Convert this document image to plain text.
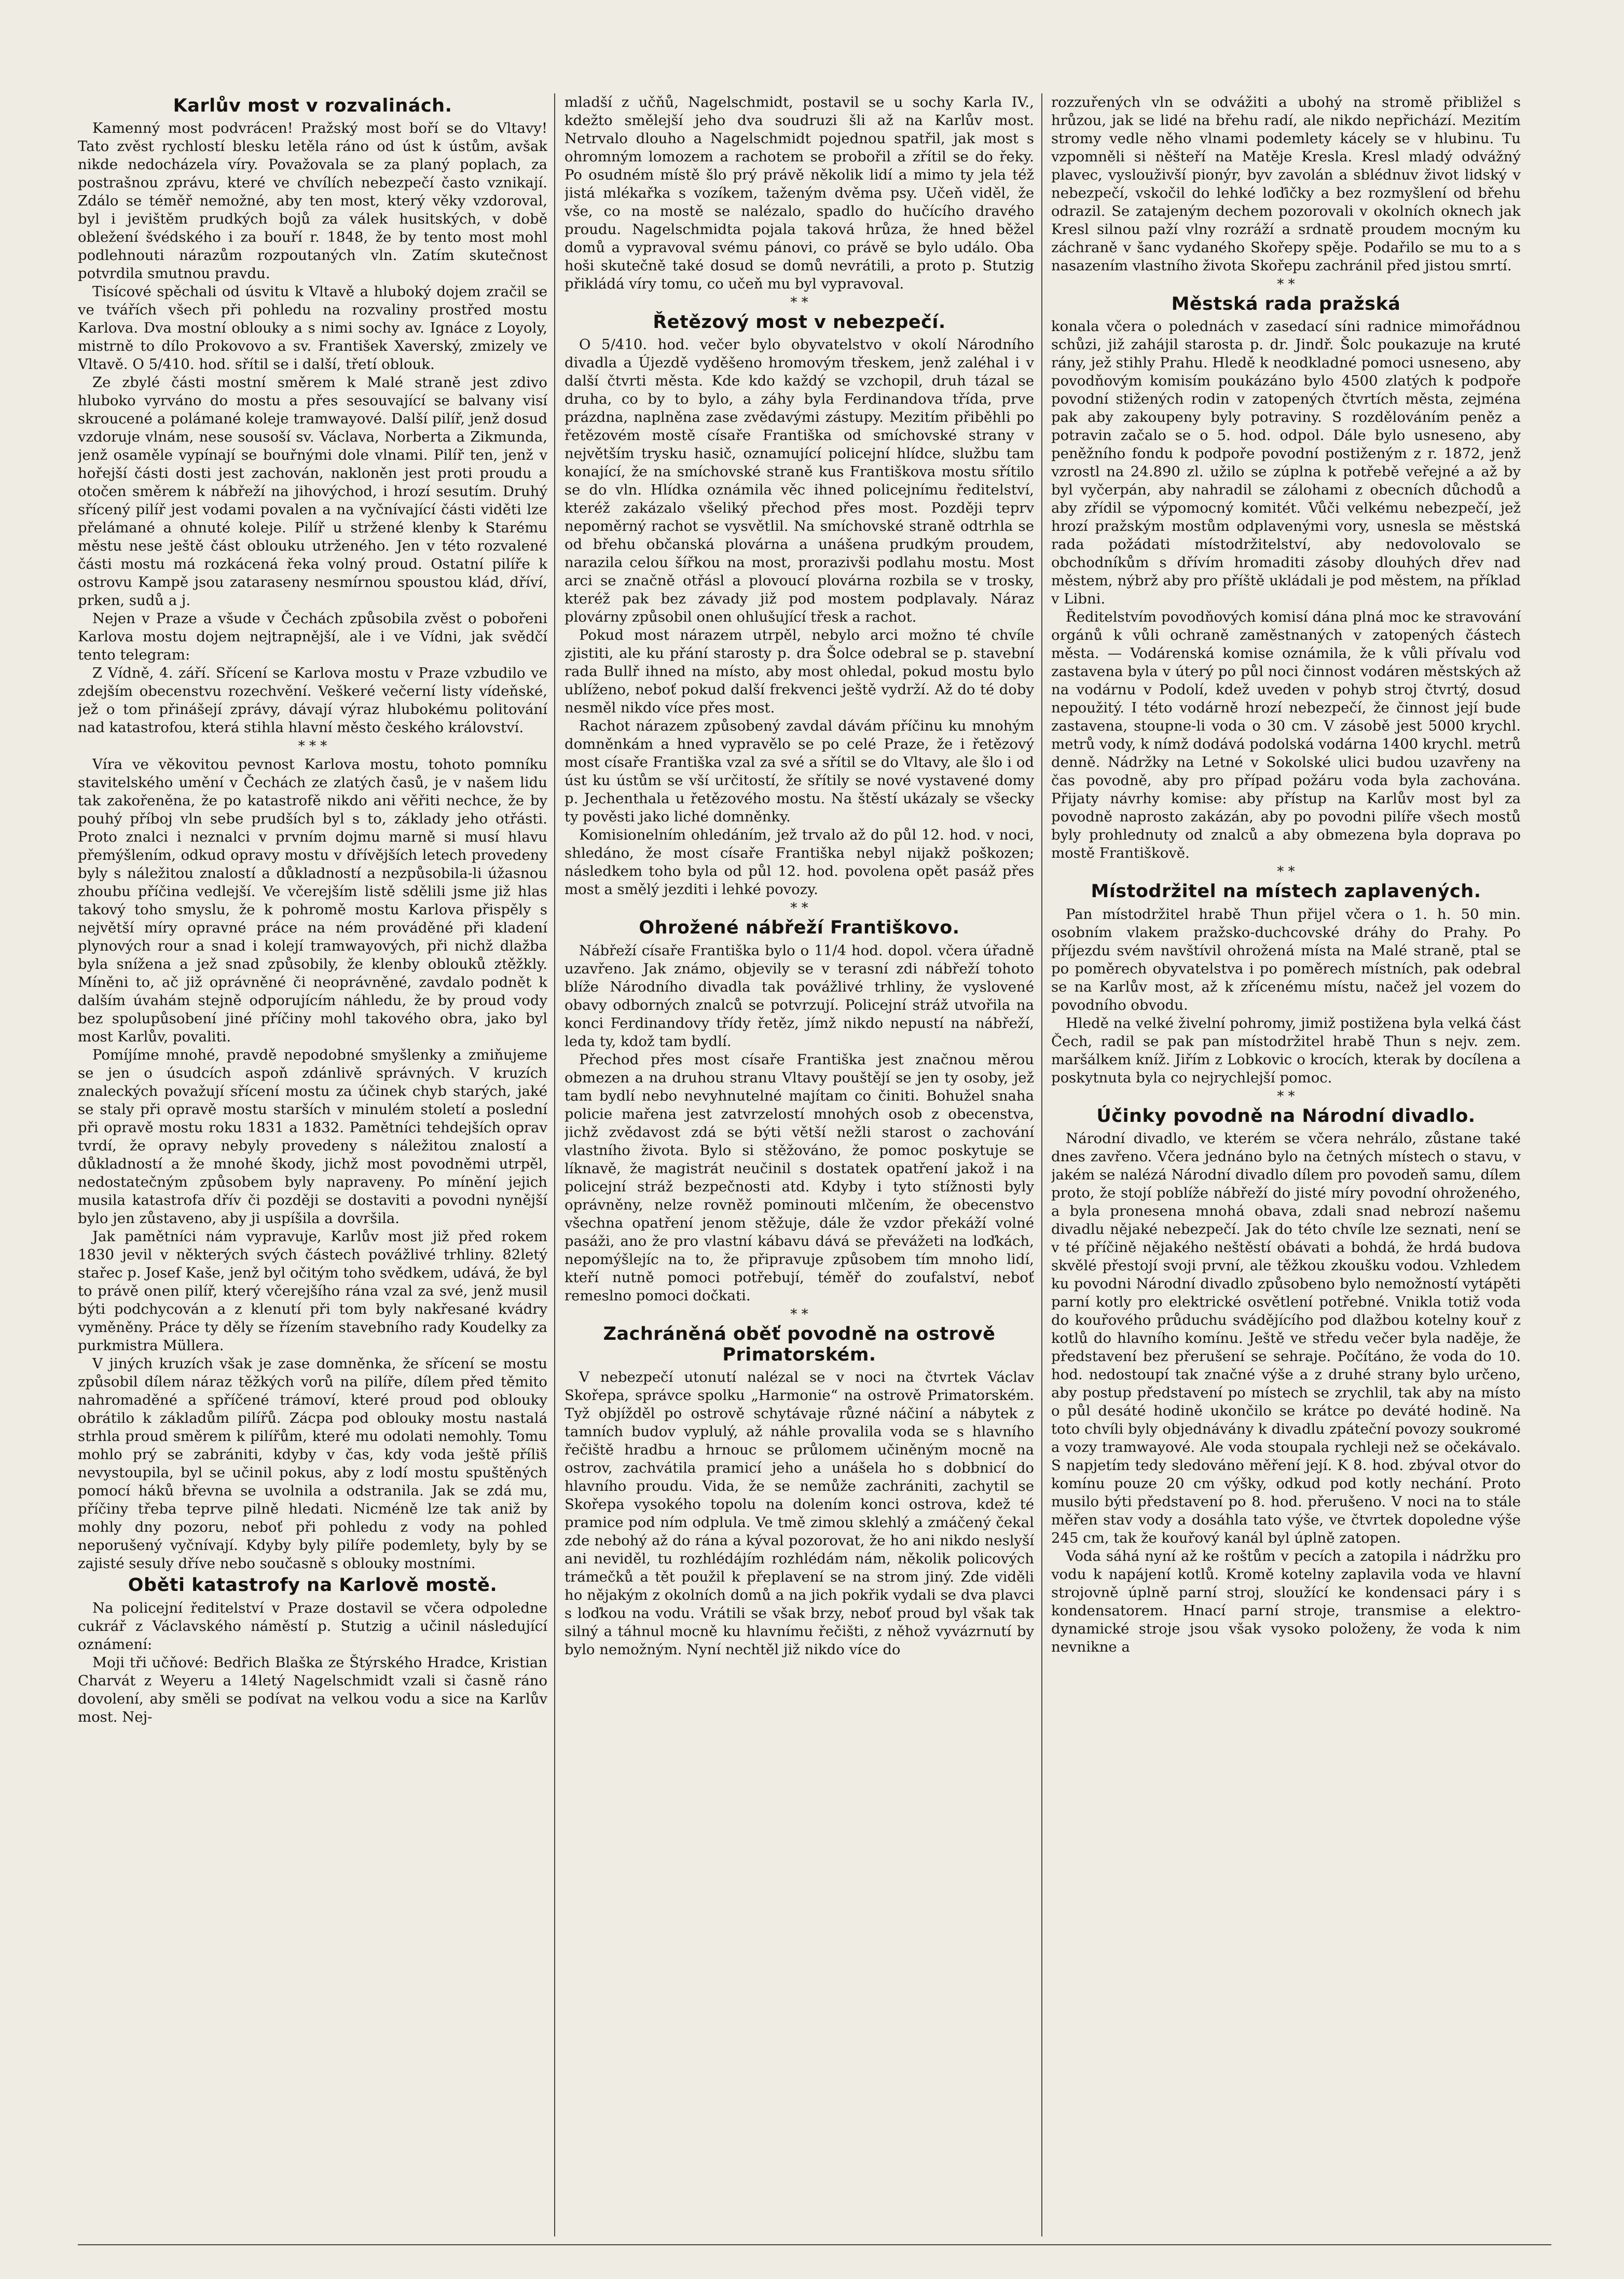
Karlův most v rozvalinách.

Kamenný most podvrácen! Pražský most boří se do Vltavy! Tato zvěst rychlostí blesku letěla ráno od úst k ústům, avšak nikde nedocházela víry. Považovala se za planý poplach, za postrašnou zprávu, které ve chvílích nebezpečí často vznikají. Zdálo se téměř nemožné, aby ten most, který věky vzdoroval, byl i jevištěm prudkých bojů za válek husitských, v době obležení švédského i za bouří r. 1848, že by tento most mohl podlehnouti nárazům rozpoutaných vln. Zatím skutečnost potvrdila smutnou pravdu.

Tisícové spěchali od úsvitu k Vltavě a hluboký dojem zračil se ve tvářích všech při pohledu na rozvaliny prostřed mostu Karlova. Dva mostní oblouky a s nimi sochy av. Ignáce z Loyoly, mistrně to dílo Prokovovo a sv. František Xaverský, zmizely ve Vltavě. O 5/410. hod. sřítil se i další, třetí oblouk.

Ze zbylé části mostní směrem k Malé straně jest zdivo hluboko vyrváno do mostu a přes sesouvající se balvany visí skroucené a polámané koleje tramwayové. Další pilíř, jenž dosud vzdoruje vlnám, nese sousoší sv. Václava, Norberta a Zikmunda, jenž osaměle vypínají se bouřnými dole vlnami. Pilíř ten, jenž v hořejší části dosti jest zachován, nakloněn jest proti proudu a otočen směrem k nábřeží na jihovýchod, i hrozí sesutím. Druhý sřícený pilíř jest vodami povalen a na vyčnívající části viděti lze přelámané a ohnuté koleje. Pilíř u stržené klenby k Starému městu nese ještě část oblouku utrženého. Jen v této rozvalené části mostu má rozkácená řeka volný proud. Ostatní pilíře k ostrovu Kampě jsou zataraseny nesmírnou spoustou klád, dříví, prken, sudů a j.

Nejen v Praze a všude v Čechách způsobila zvěst o pobořeni Karlova mostu dojem nejtrapnější, ale i ve Vídni, jak svědčí tento telegram:

Z Vídně, 4. září. Sřícení se Karlova mostu v Praze vzbudilo ve zdejším obecenstvu rozechvění. Veškeré večerní listy vídeňské, jež o tom přinášejí zprávy, dávají výraz hlubokému politování nad katastrofou, která stihla hlavní město českého království.

* * *

Víra ve věkovitou pevnost Karlova mostu, tohoto pomníku stavitelského umění v Čechách ze zlatých časů, je v našem lidu tak zakořeněna, že po katastrofě nikdo ani věřiti nechce, že by pouhý příboj vln sebe prudších byl s to, základy jeho otřásti. Proto znalci i neznalci v prvním dojmu marně si musí hlavu přemýšlením, odkud opravy mostu v dřívějších letech provedeny byly s náležitou znalostí a důkladností a nezpůsobila-li úžasnou zhoubu příčina vedlejší. Ve včerejším listě sdělili jsme již hlas takový toho smyslu, že k pohromě mostu Karlova přispěly s největší míry opravné práce na ném prováděné při kladení plynových rour a snad i kolejí tramwayových, při nichž dlažba byla snížena a jež snad způsobily, že klenby oblouků ztěžkly. Míněni to, ač již oprávněné či neoprávněné, zavdalo podnět k dalším úvahám stejně odporujícím náhledu, že by proud vody bez spolupůsobení jiné příčiny mohl takového obra, jako byl most Karlův, povaliti.

Pomíjíme mnohé, pravdě nepodobné smyšlenky a zmiňujeme se jen o úsudcích aspoň zdánlivě správných. V kruzích znaleckých považují sřícení mostu za účinek chyb starých, jaké se staly při opravě mostu starších v minulém století a poslední při opravě mostu roku 1831 a 1832. Pamětníci tehdejších oprav tvrdí, že opravy nebyly provedeny s náležitou znalostí a důkladností a že mnohé škody, jichž most povodněmi utrpěl, nedostatečným způsobem byly napraveny. Po mínění jejich musila katastrofa dřív či později se dostaviti a povodni nynější bylo jen zůstaveno, aby ji uspíšila a dovršila.

Jak pamětníci nám vypravuje, Karlův most již před rokem 1830 jevil v některých svých částech povážlivé trhliny. 82letý stařec p. Josef Kaše, jenž byl očitým toho svědkem, udává, že byl to právě onen pilíř, který včerejšího rána vzal za své, jenž musil býti podchycován a z klenutí při tom byly nakřesané kvádry vyměněny. Práce ty děly se řízením stavebního rady Koudelky za purkmistra Müllera.

V jiných kruzích však je zase domněnka, že sřícení se mostu způsobil dílem náraz těžkých vorů na pilíře, dílem před těmito nahromaděné a spříčené trámoví, které proud pod oblouky obrátilo k základům pilířů. Zácpa pod oblouky mostu nastalá strhla proud směrem k pilířům, které mu odolati nemohly. Tomu mohlo prý se zabrániti, kdyby v čas, kdy voda ještě příliš nevystoupila, byl se učinil pokus, aby z lodí mostu spuštěných pomocí háků břevna se uvolnila a odstranila. Jak se zdá mu, příčiny třeba teprve pilně hledati. Nicméně lze tak aniž by mohly dny pozoru, neboť při pohledu z vody na pohled neporušený vyčnívají. Kdyby byly pilíře podemlety, byly by se zajisté sesuly dříve nebo současně s oblouky mostními.

Oběti katastrofy na Karlově mostě.

Na policejní ředitelství v Praze dostavil se včera odpoledne cukrář z Václavského náměstí p. Stutzig a učinil následující oznámení:

Moji tři učňové: Bedřich Blaška ze Štýrského Hradce, Kristian Charvát z Weyeru a 14letý Nagelschmidt vzali si časně ráno dovolení, aby směli se podívat na velkou vodu a sice na Karlův most. Nej-

mladší z učňů, Nagelschmidt, postavil se u sochy Karla IV., kdežto smělejší jeho dva soudruzi šli až na Karlův most. Netrvalo dlouho a Nagelschmidt pojednou spatřil, jak most s ohromným lomozem a rachotem se probořil a zřítil se do řeky. Po osudném místě šlo prý právě několik lidí a mimo ty jela též jistá mlékařka s vozíkem, taženým dvěma psy. Učeň viděl, že vše, co na mostě se nalézalo, spadlo do hučícího dravého proudu. Nagelschmidta pojala taková hrůza, že hned běžel domů a vypravoval svému pánovi, co právě se bylo událo. Oba hoši skutečně také dosud se domů nevrátili, a proto p. Stutzig přikládá víry tomu, co učeň mu byl vypravoval.

* *
Řetězový most v nebezpečí.

O 5/410. hod. večer bylo obyvatelstvo v okolí Národního divadla a Újezdě vyděšeno hromovým třeskem, jenž zaléhal i v další čtvrti města. Kde kdo každý se vzchopil, druh tázal se druha, co by to bylo, a záhy byla Ferdinandova třída, prve prázdna, naplněna zase zvědavými zástupy. Mezitím přiběhli po řetězovém mostě císaře Františka od smíchovské strany v největším trysku hasič, oznamující policejní hlídce, službu tam konající, že na smíchovské straně kus Františkova mostu sřítilo se do vln. Hlídka oznámila věc ihned policejnímu ředitelství, kteréž zakázalo všeliký přechod přes most. Později teprv nepoměrný rachot se vysvětlil. Na smíchovské straně odtrhla se od břehu občanská plovárna a unášena prudkým proudem, narazila celou šířkou na most, prorazivši podlahu mostu. Most arci se značně otřásl a plovoucí plovárna rozbila se v trosky, kteréž pak bez závady již pod mostem podplavaly. Náraz plovárny způsobil onen ohlušující třesk a rachot.

Pokud most nárazem utrpěl, nebylo arci možno té chvíle zjistiti, ale ku přání starosty p. dra Šolce odebral se p. stavební rada Bullř ihned na místo, aby most ohledal, pokud mostu bylo ublíženo, neboť pokud další frekvenci ještě vydrží. Až do té doby nesměl nikdo více přes most.

Rachot nárazem způsobený zavdal dávám příčinu ku mnohým domněnkám a hned vypravělo se po celé Praze, že i řetězový most císaře Františka vzal za své a sřítil se do Vltavy, ale šlo i od úst ku ústům se vší určitostí, že sřítily se nové vystavené domy p. Jechenthala u řetězového mostu. Na štěstí ukázaly se všecky ty pověsti jako liché domněnky.

Komisionelním ohledáním, jež trvalo až do půl 12. hod. v noci, shledáno, že most císaře Františka nebyl nijakž poškozen; následkem toho byla od půl 12. hod. povolena opět pasáž přes most a smělý jezditi i lehké povozy.

* *
Ohrožené nábřeží Františkovo.

Nábřeží císaře Františka bylo o 11/4 hod. dopol. včera úřadně uzavřeno. Jak známo, objevily se v terasní zdi nábřeží tohoto blíže Národního divadla tak povážlivé trhliny, že vyslovené obavy odborných znalců se potvrzují. Policejní stráž utvořila na konci Ferdinandovy třídy řetěz, jímž nikdo nepustí na nábřeží, leda ty, kdož tam bydlí.

Přechod přes most císaře Františka jest značnou měrou obmezen a na druhou stranu Vltavy pouštějí se jen ty osoby, jež tam bydlí nebo nevyhnutelné majítam co činiti. Bohužel snaha policie mařena jest zatvrzelostí mnohých osob z obecenstva, jichž zvědavost zdá se býti větší nežli starost o zachování vlastního života. Bylo si stěžováno, že pomoc poskytuje se líknavě, že magistrát neučinil s dostatek opatření jakož i na policejní stráž bezpečnosti atd. Kdyby i tyto stížnosti byly oprávněny, nelze rovněž pominouti mlčením, že obecenstvo všechna opatření jenom stěžuje, dále že vzdor překáží volné pasáži, ano že pro vlastní kábavu dává se převážeti na loďkách, nepomýšlejíc na to, že připravuje způsobem tím mnoho lidí, kteří nutně pomoci potřebují, téměř do zoufalství, neboť remeslno pomoci dočkati.

* *
Zachráněná oběť povodně na ostrově Primatorském.

V nebezpečí utonutí nalézal se v noci na čtvrtek Václav Skořepa, správce spolku „Harmonie“ na ostrově Primatorském. Tyž objížděl po ostrově schytávaje různé náčiní a nábytek z tamních budov vyplulý, až náhle provalila voda se s hlavního řečiště hradbu a hrnouc se průlomem učiněným mocně na ostrov, zachvátila pramicí jeho a unášela ho s dobbnicí do hlavního proudu. Vida, že se nemůže zachrániti, zachytil se Skořepa vysokého topolu na dolením konci ostrova, kdež té pramice pod ním odplula. Ve tmě zimou sklehlý a zmáčený čekal zde nebohý až do rána a kýval pozorovat, že ho ani nikdo neslyší ani neviděl, tu rozhlédájím rozhlédám nám, několik policových trámečků a tět použil k přeplavení se na strom jiný. Zde viděli ho nějakým z okolních domů a na jich pokřik vydali se dva plavci s loďkou na vodu. Vrátili se však brzy, neboť proud byl však tak silný a táhnul mocně ku hlavnímu řečišti, z něhož vyvázrnutí by bylo nemožným. Nyní nechtěl již nikdo více do

rozzuřených vln se odvážiti a ubohý na stromě přibližel s hrůzou, jak se lidé na břehu radí, ale nikdo nepřichází. Mezitím stromy vedle něho vlnami podemlety kácely se v hlubinu. Tu vzpomněli si něšteří na Matěje Kresla. Kresl mladý odvážný plavec, vyslouživší pionýr, byv zavolán a sblédnuv život lidský v nebezpečí, vskočil do lehké loďičky a bez rozmyšlení od břehu odrazil. Se zatajeným dechem pozorovali v okolních oknech jak Kresl silnou paží vlny rozráží a srdnatě proudem mocným ku záchraně v šanc vydaného Skořepy spěje. Podařilo se mu to a s nasazením vlastního života Skořepu zachránil před jistou smrtí.

* *
Městská rada pražská

konala včera o polednách v zasedací síni radnice mimořádnou schůzi, již zahájil starosta p. dr. Jindř. Šolc poukazuje na kruté rány, jež stihly Prahu. Hledě k neodkladné pomoci usneseno, aby povodňovým komisím poukázáno bylo 4500 zlatých k podpoře povodní stižených rodin v zatopených čtvrtích města, zejména pak aby zakoupeny byly potraviny. S rozdělováním peněz a potravin začalo se o 5. hod. odpol. Dále bylo usneseno, aby peněžního fondu k podpoře povodní postiženým z r. 1872, jenž vzrostl na 24.890 zl. užilo se zúplna k potřebě veřejné a až by byl vyčerpán, aby nahradil se zálohami z obecních důchodů a aby zřídil se výpomocný komitét. Vůči velkému nebezpečí, jež hrozí pražským mostům odplavenými vory, usnesla se městská rada požádati místodržitelství, aby nedovolovalo se obchodníkům s dřívím hromaditi zásoby dlouhých dřev nad městem, nýbrž aby pro příště ukládali je pod městem, na příklad v Libni.

Ředitelstvím povodňových komisí dána plná moc ke stravování orgánů k vůli ochraně zaměstnaných v zatopených částech města. — Vodárenská komise oznámila, že k vůli přívalu vod zastavena byla v úterý po půl noci činnost vodáren městských až na vodárnu v Podolí, kdež uveden v pohyb stroj čtvrtý, dosud nepoužitý. I této vodárně hrozí nebezpečí, že činnost její bude zastavena, stoupne-li voda o 30 cm. V zásobě jest 5000 krychl. metrů vody, k nímž dodává podolská vodárna 1400 krychl. metrů denně. Nádržky na Letné v Sokolské ulici budou uzavřeny na čas povodně, aby pro případ požáru voda byla zachována. Přijaty návrhy komise: aby přístup na Karlův most byl za povodně naprosto zakázán, aby po povodni pilíře všech mostů byly prohlednuty od znalců a aby obmezena byla doprava po mostě Františkově.

* *
Místodržitel na místech zaplavených.

Pan místodržitel hrabě Thun přijel včera o 1. h. 50 min. osobním vlakem pražsko-duchcovské dráhy do Prahy. Po příjezdu svém navštívil ohrožená místa na Malé straně, ptal se po poměrech obyvatelstva i po poměrech místních, pak odebral se na Karlův most, až k zřícenému místu, načež jel vozem do povodního obvodu.

Hledě na velké živelní pohromy, jimiž postižena byla velká část Čech, radil se pak pan místodržitel hrabě Thun s nejv. zem. maršálkem kníž. Jiřím z Lobkovic o krocích, kterak by docílena a poskytnuta byla co nejrychlejší pomoc.

* *
Účinky povodně na Národní divadlo.

Národní divadlo, ve kterém se včera nehrálo, zůstane také dnes zavřeno. Včera jednáno bylo na četných místech o stavu, v jakém se nalézá Národní divadlo dílem pro povodeň samu, dílem proto, že stojí poblíže nábřeží do jisté míry povodní ohroženého, a byla pronesena mnohá obava, zdali snad nebrozí našemu divadlu nějaké nebezpečí. Jak do této chvíle lze seznati, není se v té příčině nějakého neštěstí obávati a bohdá, že hrdá budova skvělé přestojí svoji první, ale těžkou zkoušku vodou. Vzhledem ku povodni Národní divadlo způsobeno bylo nemožností vytápěti parní kotly pro elektrické osvětlení potřebné. Vnikla totiž voda do kouřového průduchu svádějícího pod dlažbou kotelny kouř z kotlů do hlavního komínu. Ještě ve středu večer byla naděje, že představení bez přerušení se sehraje. Počítáno, že voda do 10. hod. nedostoupí tak značné výše a z druhé strany bylo určeno, aby postup představení po místech se zrychlil, tak aby na místo o půl desáté hodině ukončilo se krátce po deváté hodině. Na toto chvíli byly objednávány k divadlu zpáteční povozy soukromé a vozy tramwayové. Ale voda stoupala rychleji než se očekávalo. S napjetím tedy sledováno měření její. K 8. hod. zbýval otvor do komínu pouze 20 cm výšky, odkud pod kotly nechání. Proto musilo býti představení po 8. hod. přerušeno. V noci na to stále měřen stav vody a dosáhla tato výše, ve čtvrtek dopoledne výše 245 cm, tak že kouřový kanál byl úplně zatopen.

Voda sáhá nyní až ke roštům v pecích a zatopila i nádržku pro vodu k napájení kotlů. Kromě kotelny zaplavila voda ve hlavní strojovně úplně parní stroj, sloužící ke kondensaci páry i s kondensatorem. Hnací parní stroje, transmise a elektro-dynamické stroje jsou však vysoko položeny, že voda k nim nevnikne a
